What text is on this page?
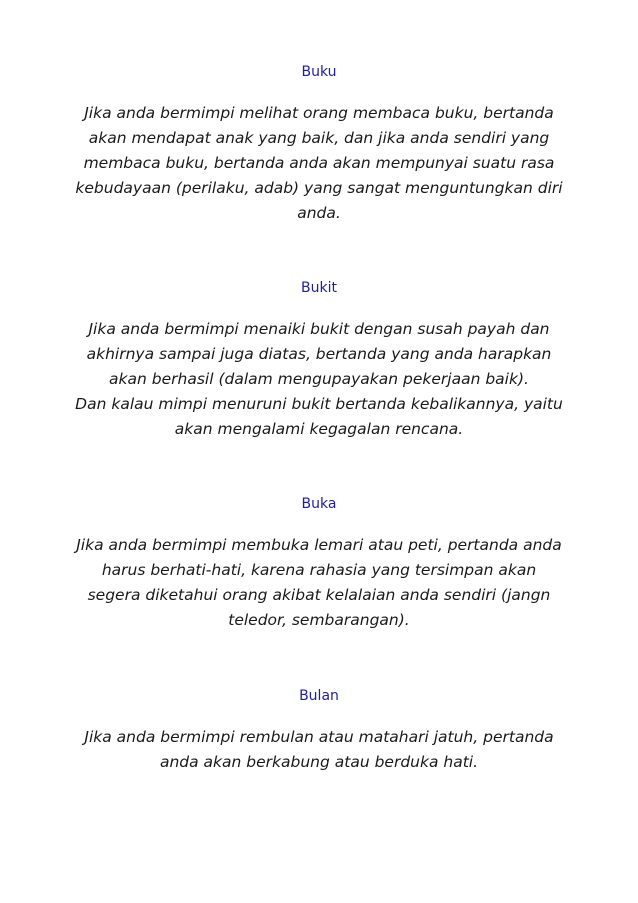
Buku

Jika anda bermimpi melihat orang membaca buku, bertanda
akan mendapat anak yang baik, dan jika anda sendiri yang
membaca buku, bertanda anda akan mempunyai suatu rasa
kebudayaan (perilaku, adab) yang sangat menguntungkan diri
anda.

Bukit

Jika anda bermimpi menaiki bukit dengan susah payah dan
akhirnya sampai juga diatas, bertanda yang anda harapkan
akan berhasil (dalam mengupayakan pekerjaan baik).
Dan kalau mimpi menuruni bukit bertanda kebalikannya, yaitu
akan mengalami kegagalan rencana.

Buka

Jika anda bermimpi membuka lemari atau peti, pertanda anda
harus berhati-hati, karena rahasia yang tersimpan akan
segera diketahui orang akibat kelalaian anda sendiri (jangn
teledor, sembarangan).

Bulan

Jika anda bermimpi rembulan atau matahari jatuh, pertanda
anda akan berkabung atau berduka hati.
